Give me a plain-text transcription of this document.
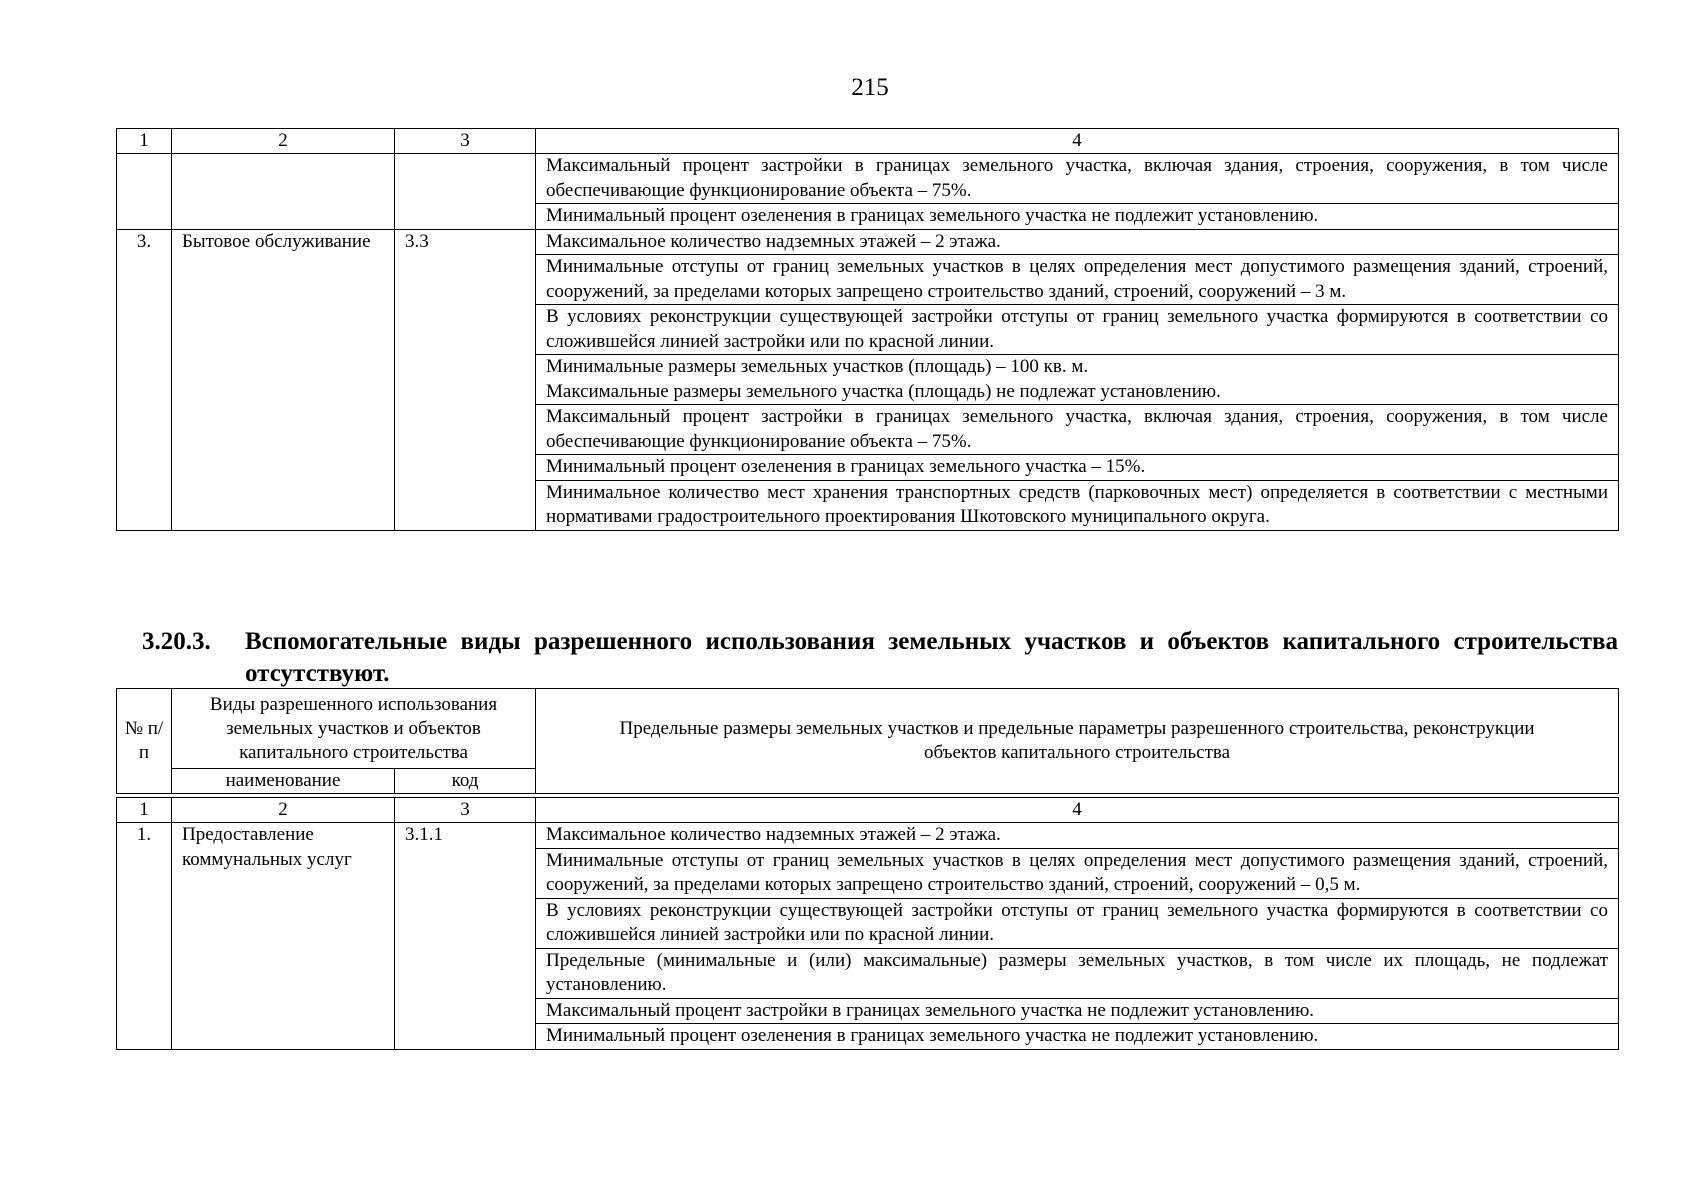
215
1	2	3	4
			Максимальный процент застройки в границах земельного участка, включая здания, строения, сооружения, в том числе обеспечивающие функционирование объекта – 75%.
			Минимальный процент озеленения в границах земельного участка не подлежит установлению.
3.	Бытовое обслуживание	3.3	Максимальное количество надземных этажей – 2 этажа.
			Минимальные отступы от границ земельных участков в целях определения мест допустимого размещения зданий, строений, сооружений, за пределами которых запрещено строительство зданий, строений, сооружений – 3 м.
			В условиях реконструкции существующей застройки отступы от границ земельного участка формируются в соответствии со сложившейся линией застройки или по красной линии.

			Минимальные размеры земельных участков (площадь) – 100 кв. м.
Максимальные размеры земельного участка (площадь) не подлежат установлению.

			Максимальный процент застройки в границах земельного участка, включая здания, строения, сооружения, в том числе обеспечивающие функционирование объекта – 75%.
			Минимальный процент озеленения в границах земельного участка – 15%.
			Минимальное количество мест хранения транспортных средств (парковочных мест) определяется в соответствии с местными нормативами градостроительного проектирования Шкотовского муниципального округа.
3.20.3. Вспомогательные виды разрешенного использования земельных участков и объектов капитального строительства отсутствуют.
№ п/п	Виды разрешенного использования земельных участков и объектов капитального строительства		Предельные размеры земельных участков и предельные параметры разрешенного строительства, реконструкции объектов капитального строительства
	наименование	код	
1	2	3	4
1.	Предоставление коммунальных услуг	3.1.1	Максимальное количество надземных этажей – 2 этажа.
			Минимальные отступы от границ земельных участков в целях определения мест допустимого размещения зданий, строений, сооружений, за пределами которых запрещено строительство зданий, строений, сооружений – 0,5 м.
			В условиях реконструкции существующей застройки отступы от границ земельного участка формируются в соответствии со сложившейся линией застройки или по красной линии.
			Предельные (минимальные и (или) максимальные) размеры земельных участков, в том числе их площадь, не подлежат установлению.
			Максимальный процент застройки в границах земельного участка не подлежит установлению.
			Минимальный процент озеленения в границах земельного участка не подлежит установлению.
